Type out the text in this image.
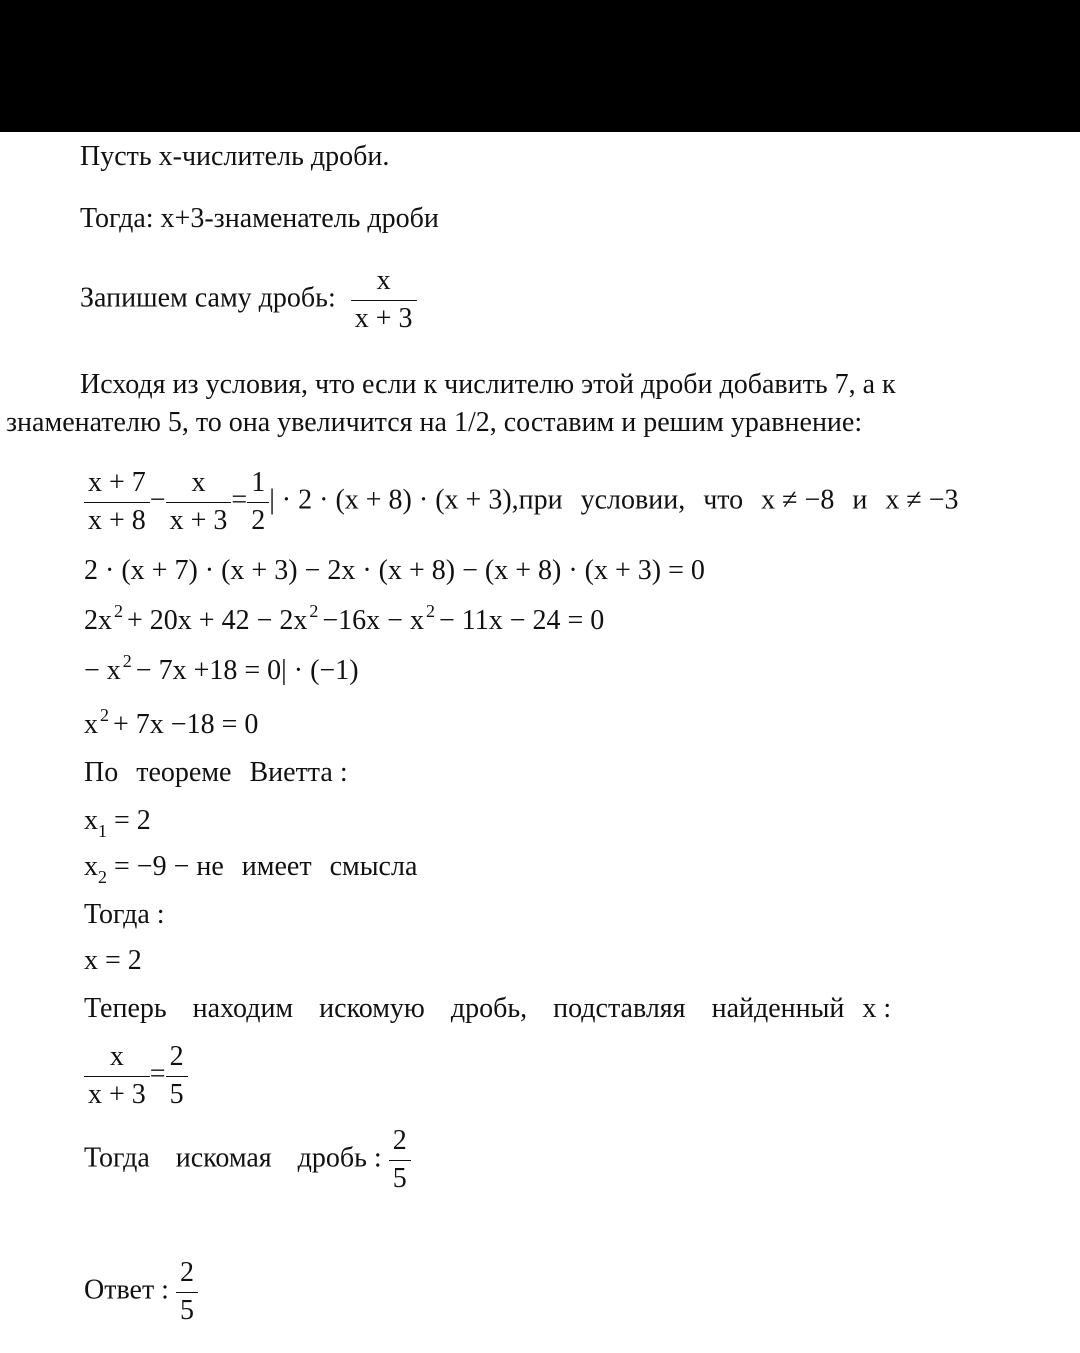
Пусть х-числитель дроби.
Тогда: х+3-знаменатель дроби
Запишем саму дробь: $\frac{х}{х + 3}$
Исходя из условия, что если к числителю этой дроби добавить 7, а к
знаменателю 5, то она увеличится на 1/2, составим и решим уравнение:
$\frac{x + 7}{x + 8} - \frac{x}{x + 3} = \frac{1}{2}$ | · 2 · (x + 8) · (x + 3),при условии, что x ≠ −8 и x ≠ −3
2 · (x + 7) · (x + 3) − 2x · (x + 8) − (x + 8) · (x + 3) = 0
2x $^2$ + 20x + 42 − 2x $^2$ −16x − x $^2$ − 11x − 24 = 0
− x $^2$ − 7x +18 = 0| · (−1)
x $^2$ + 7x −18 = 0
По теореме Виетта :
$x_1 = 2$
$x_2 = -9$ − не имеет смысла
Тогда :
x = 2
Теперь находим искомую дробь, подставляя найденный x :
$\frac{x}{x + 3} = \frac{2}{5}$
Тогда искомая дробь : $\frac{2}{5}$
Ответ : $\frac{2}{5}$
